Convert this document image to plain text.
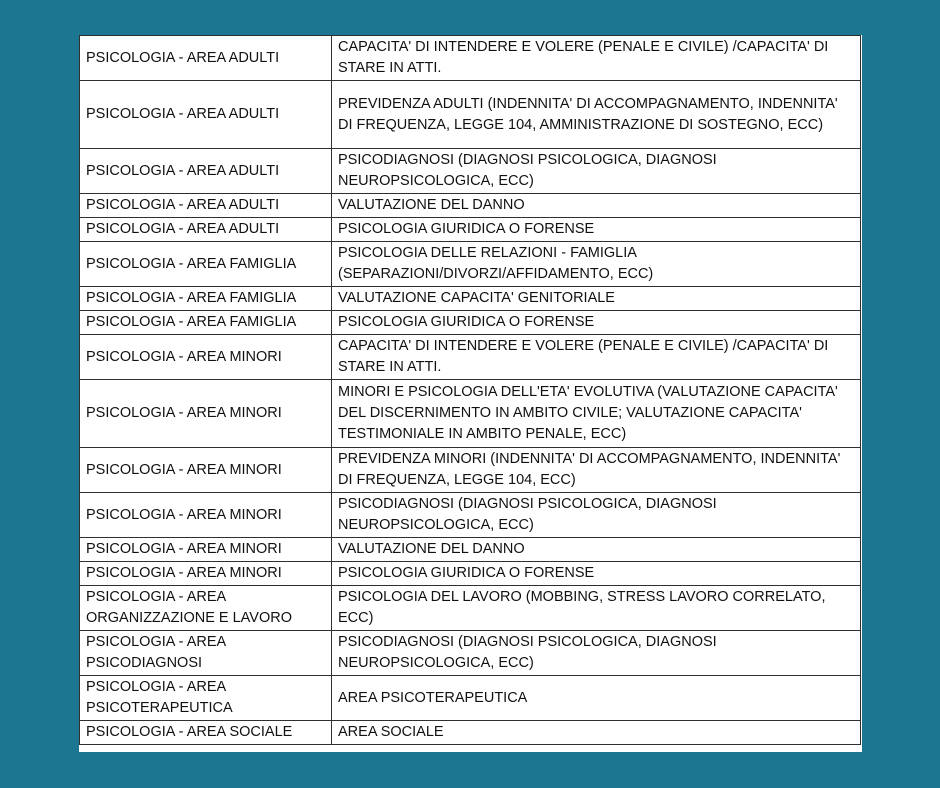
PSICOLOGIA - AREA ADULTI	CAPACITA' DI INTENDERE E VOLERE (PENALE E CIVILE) /CAPACITA' DI STARE IN ATTI.
PSICOLOGIA - AREA ADULTI	PREVIDENZA ADULTI (INDENNITA' DI ACCOMPAGNAMENTO, INDENNITA' DI FREQUENZA, LEGGE 104, AMMINISTRAZIONE DI SOSTEGNO, ECC)
PSICOLOGIA - AREA ADULTI	PSICODIAGNOSI (DIAGNOSI PSICOLOGICA, DIAGNOSI NEUROPSICOLOGICA, ECC)
PSICOLOGIA - AREA ADULTI	VALUTAZIONE DEL DANNO
PSICOLOGIA - AREA ADULTI	PSICOLOGIA GIURIDICA O FORENSE
PSICOLOGIA - AREA FAMIGLIA	PSICOLOGIA DELLE RELAZIONI - FAMIGLIA (SEPARAZIONI/DIVORZI/AFFIDAMENTO, ECC)
PSICOLOGIA - AREA FAMIGLIA	VALUTAZIONE CAPACITA' GENITORIALE
PSICOLOGIA - AREA FAMIGLIA	PSICOLOGIA GIURIDICA O FORENSE
PSICOLOGIA - AREA MINORI	CAPACITA' DI INTENDERE E VOLERE (PENALE E CIVILE) /CAPACITA' DI STARE IN ATTI.
PSICOLOGIA - AREA MINORI	MINORI E PSICOLOGIA DELL'ETA' EVOLUTIVA (VALUTAZIONE CAPACITA' DEL DISCERNIMENTO IN AMBITO CIVILE; VALUTAZIONE CAPACITA' TESTIMONIALE IN AMBITO PENALE, ECC)
PSICOLOGIA - AREA MINORI	PREVIDENZA MINORI (INDENNITA' DI ACCOMPAGNAMENTO, INDENNITA' DI FREQUENZA, LEGGE 104, ECC)
PSICOLOGIA - AREA MINORI	PSICODIAGNOSI (DIAGNOSI PSICOLOGICA, DIAGNOSI NEUROPSICOLOGICA, ECC)
PSICOLOGIA - AREA MINORI	VALUTAZIONE DEL DANNO
PSICOLOGIA - AREA MINORI	PSICOLOGIA GIURIDICA O FORENSE
PSICOLOGIA - AREA ORGANIZZAZIONE E LAVORO	PSICOLOGIA DEL LAVORO (MOBBING, STRESS LAVORO CORRELATO, ECC)
PSICOLOGIA - AREA PSICODIAGNOSI	PSICODIAGNOSI (DIAGNOSI PSICOLOGICA, DIAGNOSI NEUROPSICOLOGICA, ECC)
PSICOLOGIA - AREA PSICOTERAPEUTICA	AREA PSICOTERAPEUTICA
PSICOLOGIA - AREA SOCIALE	AREA SOCIALE
